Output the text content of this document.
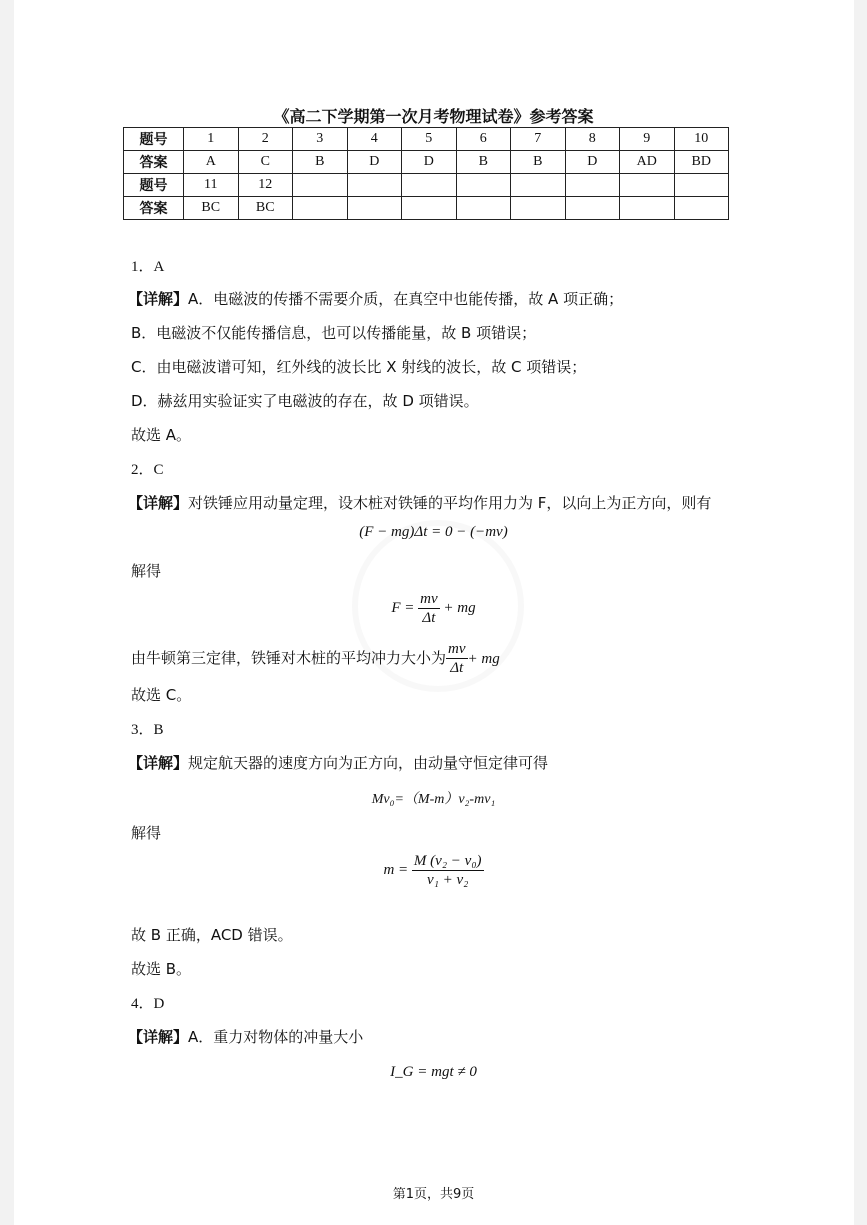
《高二下学期第一次月考物理试卷》参考答案
题号	1	2	3	4	5	6	7	8	9	10
答案	A	C	B	D	D	B	B	D	AD	BD
题号	11	12								
答案	BC	BC								
1．A
【详解】A．电磁波的传播不需要介质，在真空中也能传播，故 A 项正确；
B．电磁波不仅能传播信息，也可以传播能量，故 B 项错误；
C．由电磁波谱可知，红外线的波长比 X 射线的波长，故 C 项错误；
D．赫兹用实验证实了电磁波的存在，故 D 项错误。
故选 A。
2．C
【详解】对铁锤应用动量定理，设木桩对铁锤的平均作用力为 F，以向上为正方向，则有
(F − mg)Δt = 0 − (−mv)
解得
$F = \frac{mv}{\Delta t}$ + mg
由牛顿第三定律，铁锤对木桩的平均冲力大小为 $\frac{mv}{\Delta t}$ + mg
故选 C。
3．B
【详解】规定航天器的速度方向为正方向，由动量守恒定律可得
Mv₀=（M-m）v₂-mv₁
解得
$m = \frac{\text{M (v₂ − v₀)}}{\text{v₁ + v₂}}$
故 B 正确，ACD 错误。
故选 B。
4．D
【详解】A．重力对物体的冲量大小
I_G = mgt ≠ 0
第1页，共9页
